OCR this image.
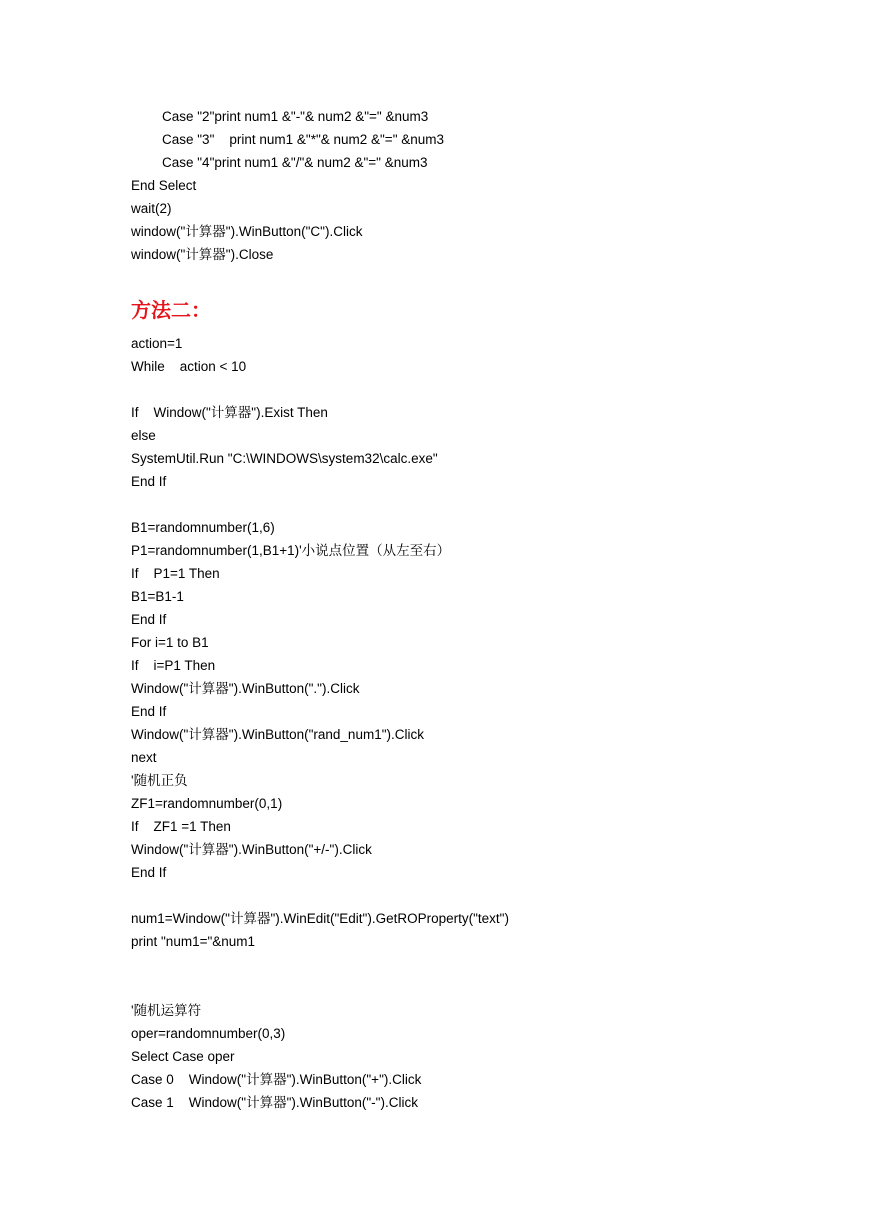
Case "2"print num1 &"-"& num2 &"=" &num3
Case "3"    print num1 &"*"& num2 &"=" &num3
Case "4"print num1 &"/"& num2 &"=" &num3
End Select
wait(2)
window("计算器").WinButton("C").Click
window("计算器").Close
方法二：
action=1
While    action < 10
If    Window("计算器").Exist Then
else
SystemUtil.Run "C:\WINDOWS\system32\calc.exe"
End If
B1=randomnumber(1,6)
P1=randomnumber(1,B1+1)'小说点位置（从左至右）
If    P1=1 Then
B1=B1-1
End If
For i=1 to B1
If    i=P1 Then
Window("计算器").WinButton(".").Click
End If
Window("计算器").WinButton("rand_num1").Click
next
'随机正负
ZF1=randomnumber(0,1)
If    ZF1 =1 Then
Window("计算器").WinButton("+/-").Click
End If
num1=Window("计算器").WinEdit("Edit").GetROProperty("text")
print "num1="&num1
'随机运算符
oper=randomnumber(0,3)
Select Case oper
Case 0    Window("计算器").WinButton("+").Click
Case 1    Window("计算器").WinButton("-").Click
